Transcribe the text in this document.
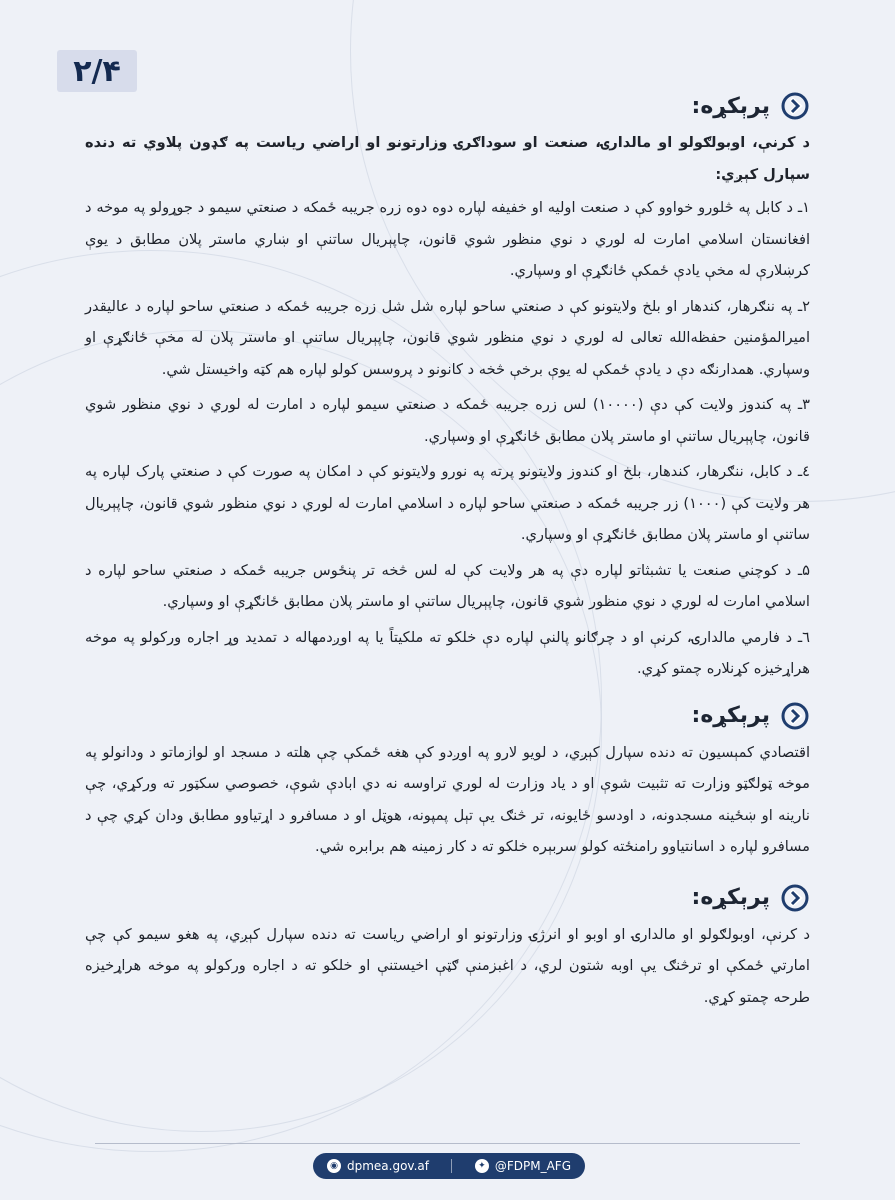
۲/۴
پرېکړه:

د کرنې، اوبولګولو او مالدارۍ، صنعت او سوداګرۍ وزارتونو او اراضي ریاست په ګډون پلاوي ته دنده سپارل کېږي:

۱ـ د کابل په څلورو خواوو کې د صنعت اوليه او خفيفه لپاره دوه دوه زره جريبه ځمکه د صنعتي سيمو د جوړولو په موخه د افغانستان اسلامي امارت له لوري د نوي منظور شوي قانون، چاپېريال ساتنې او ښاري ماستر پلان مطابق د يوې کرښلارې له مخې يادې ځمکې ځانګړې او وسپاري.

۲ـ په ننګرهار، کندهار او بلخ ولايتونو کې د صنعتي ساحو لپاره شل شل زره جريبه ځمکه د صنعتي ساحو لپاره د عاليقدر اميرالمؤمنين حفظه‌الله تعالی له لوري د نوي منظور شوي قانون، چاپېريال ساتنې او ماستر پلان له مخې ځانګړې او وسپاري. همدارنګه دې د يادې ځمکې له يوې برخې څخه د کانونو د پروسس کولو لپاره هم کټه واخيستل شي.

۳ـ په کندوز ولايت کې دې (۱۰۰۰۰) لس زره جريبه ځمکه د صنعتي سيمو لپاره د امارت له لوري د نوي منظور شوي قانون، چاپېريال ساتنې او ماستر پلان مطابق ځانګړې او وسپاري.

٤ـ د کابل، ننګرهار، کندهار، بلخ او کندوز ولايتونو پرته په نورو ولايتونو کې د امکان په صورت کې د صنعتي پارک لپاره په هر ولايت کې (۱۰۰۰) زر جريبه ځمکه د صنعتي ساحو لپاره د اسلامي امارت له لوري د نوي منظور شوي قانون، چاپېريال ساتنې او ماستر پلان مطابق ځانګړې او وسپاري.

۵ـ د کوچني صنعت يا تشبثاتو لپاره دې په هر ولايت کې له لس څخه تر پنځوس جريبه ځمکه د صنعتي ساحو لپاره د اسلامي امارت له لوري د نوي منظور شوي قانون، چاپېريال ساتنې او ماستر پلان مطابق ځانګړې او وسپاري.

٦ـ د فارمي مالدارۍ، کرنې او د چرګانو پالنې لپاره دې خلکو ته ملکيتاً يا په اوږدمهاله د تمديد وړ اجاره ورکولو په موخه هراړخيزه کړنلاره چمتو کړي.

پرېکړه:

اقتصادي کمېسيون ته دنده سپارل کېږي، د لويو لارو په اوږدو کې هغه ځمکې چې هلته د مسجد او لوازماتو د ودانولو په موخه ټولګټو وزارت ته تثبيت شوې او د ياد وزارت له لوري تراوسه نه دي ابادې شوې، خصوصي سکټور ته ورکړي، چې نارينه او ښځينه مسجدونه، د اودسو ځايونه، تر څنګ يې تېل پمپونه، هوټل او د مسافرو د اړتياوو مطابق ودان کړي چې د مسافرو لپاره د اسانتياوو رامنځته کولو سربېره خلکو ته د کار زمينه هم برابره شي.

پرېکړه:

د کرنې، اوبولګولو او مالدارۍ او اوبو او انرژۍ وزارتونو او اراضي رياست ته دنده سپارل کېږي، په هغو سيمو کې چې امارتي ځمکې او ترڅنګ يې اوبه شتون لري، د اغبزمنې ګټې اخيستنې او خلکو ته د اجاره ورکولو په موخه هراړخيزه طرحه چمتو کړي.

◉ dpmea.gov.af	✦ @FDPM_AFG
